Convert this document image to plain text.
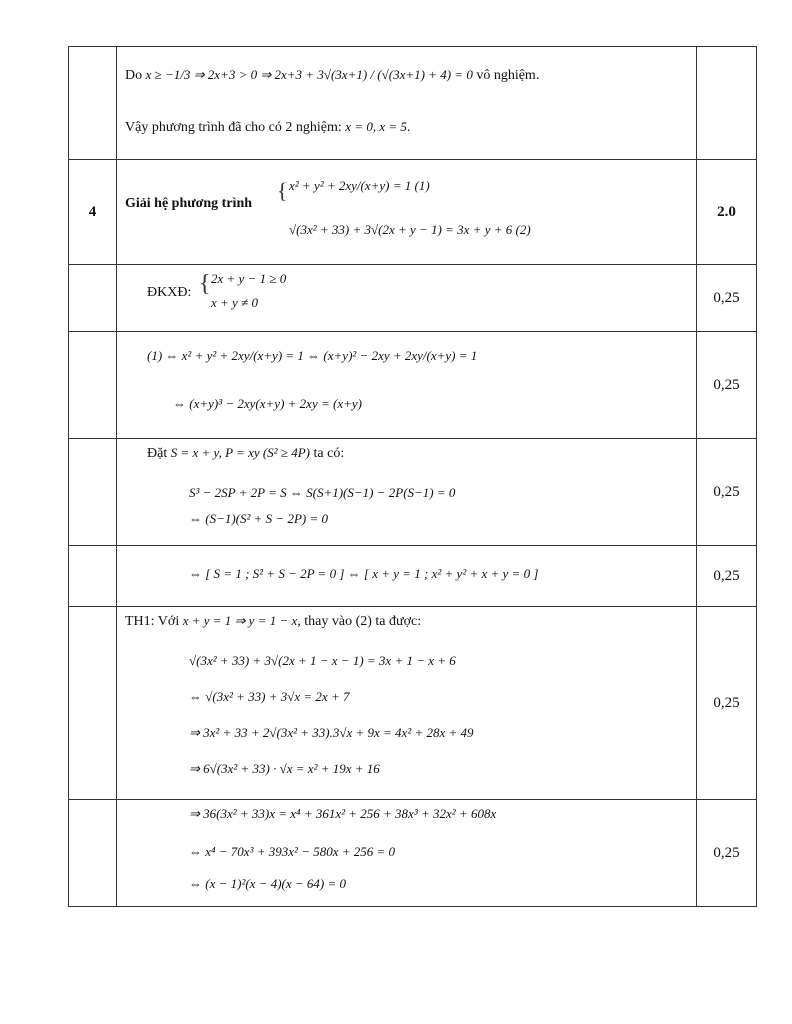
	Do x ≥ −1/3 ⇒ 2x+3 > 0 ⇒ 2x+3 + 3√(3x+1) / (√(3x+1) + 4) = 0 vô nghiệm.
Vậy phương trình đã cho có 2 nghiệm: x = 0, x = 5.	

4	Giải hệ phương trình
{ x² + y² + 2xy/(x+y) = 1 (1)
√(3x² + 33) + 3√(2x + y − 1) = 3x + y + 6 (2)	2.0

	ĐKXĐ: { 2x + y − 1 ≥ 0
x + y ≠ 0	0,25

	(1) ⇔ x² + y² + 2xy/(x+y) = 1 ⇔ (x+y)² − 2xy + 2xy/(x+y) = 1
⇔ (x+y)³ − 2xy(x+y) + 2xy = (x+y)	0,25

	Đặt S = x + y, P = xy (S² ≥ 4P) ta có:
S³ − 2SP + 2P = S ⇔ S(S+1)(S−1) − 2P(S−1) = 0
⇔ (S−1)(S² + S − 2P) = 0	0,25

	⇔ [ S = 1 ; S² + S − 2P = 0 ] ⇔ [ x + y = 1 ; x² + y² + x + y = 0 ]	0,25

	TH1: Với x + y = 1 ⇒ y = 1 − x, thay vào (2) ta được:
√(3x² + 33) + 3√(2x + 1 − x − 1) = 3x + 1 − x + 6
⇔ √(3x² + 33) + 3√x = 2x + 7
⇒ 3x² + 33 + 2√(3x² + 33).3√x + 9x = 4x² + 28x + 49
⇒ 6√(3x² + 33) · √x = x² + 19x + 16	0,25

	⇒ 36(3x² + 33)x = x⁴ + 361x² + 256 + 38x³ + 32x² + 608x
⇔ x⁴ − 70x³ + 393x² − 580x + 256 = 0
⇔ (x − 1)²(x − 4)(x − 64) = 0	0,25
